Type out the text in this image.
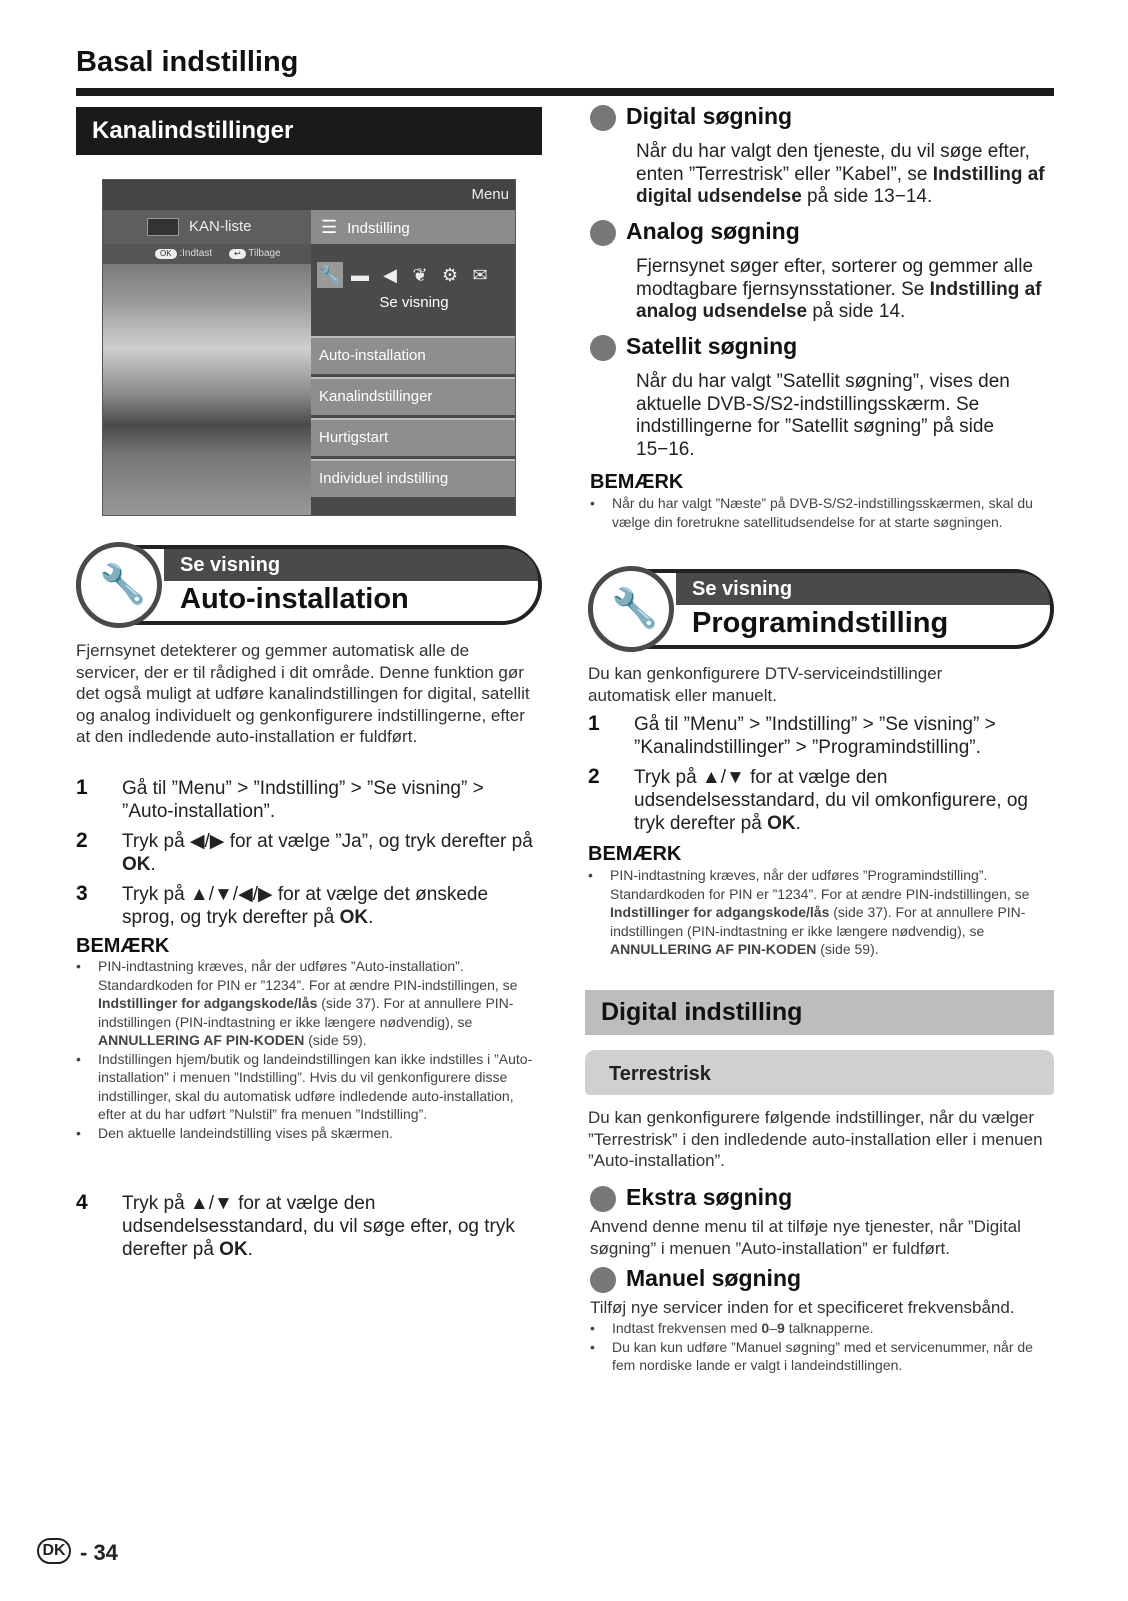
Basal indstilling
Kanalindstillinger
Menu
KAN-liste	☰ Indstilling
OK :Indtast	↩ Tilbage
🔧 ▬ ◀ ❦ ⚙ ✉
Se visning
Auto-installation
Kanalindstillinger
Hurtigstart
Individuel indstilling
Se visning
Auto-installation
🔧
Fjernsynet detekterer og gemmer automatisk alle de servicer, der er til rådighed i dit område. Denne funktion gør det også muligt at udføre kanalindstillingen for digital, satellit og analog individuelt og genkonfigurere indstillingerne, efter at den indledende auto-installation er fuldført.
1 Gå til ”Menu” > ”Indstilling” > ”Se visning” > ”Auto-installation”.
2 Tryk på ◀/▶ for at vælge ”Ja”, og tryk derefter på OK.
3 Tryk på ▲/▼/◀/▶ for at vælge det ønskede sprog, og tryk derefter på OK.
BEMÆRK
• PIN-indtastning kræves, når der udføres ”Auto-installation”. Standardkoden for PIN er ”1234”. For at ændre PIN-indstillingen, se Indstillinger for adgangskode/lås (side 37). For at annullere PIN-indstillingen (PIN-indtastning er ikke længere nødvendig), se ANNULLERING AF PIN-KODEN (side 59).
• Indstillingen hjem/butik og landeindstillingen kan ikke indstilles i ”Auto-installation” i menuen ”Indstilling”. Hvis du vil genkonfigurere disse indstillinger, skal du automatisk udføre indledende auto-installation, efter at du har udført ”Nulstil” fra menuen ”Indstilling”.
• Den aktuelle landeindstilling vises på skærmen.
4 Tryk på ▲/▼ for at vælge den udsendelsesstandard, du vil søge efter, og tryk derefter på OK.
Digital søgning
Når du har valgt den tjeneste, du vil søge efter, enten ”Terrestrisk” eller ”Kabel”, se Indstilling af digital udsendelse på side 13−14.
Analog søgning
Fjernsynet søger efter, sorterer og gemmer alle modtagbare fjernsynsstationer. Se Indstilling af analog udsendelse på side 14.
Satellit søgning
Når du har valgt ”Satellit søgning”, vises den aktuelle DVB-S/S2-indstillingsskærm. Se indstillingerne for ”Satellit søgning” på side 15−16.
BEMÆRK
• Når du har valgt ”Næste” på DVB-S/S2-indstillingsskærmen, skal du vælge din foretrukne satellitudsendelse for at starte søgningen.
Se visning
Programindstilling
🔧
Du kan genkonfigurere DTV-serviceindstillinger automatisk eller manuelt.
1 Gå til ”Menu” > ”Indstilling” > ”Se visning” > ”Kanalindstillinger” > ”Programindstilling”.
2 Tryk på ▲/▼ for at vælge den udsendelsesstandard, du vil omkonfigurere, og tryk derefter på OK.
BEMÆRK
• PIN-indtastning kræves, når der udføres ”Programindstilling”. Standardkoden for PIN er ”1234”. For at ændre PIN-indstillingen, se Indstillinger for adgangskode/lås (side 37). For at annullere PIN-indstillingen (PIN-indtastning er ikke længere nødvendig), se ANNULLERING AF PIN-KODEN (side 59).
Digital indstilling
Terrestrisk
Du kan genkonfigurere følgende indstillinger, når du vælger ”Terrestrisk” i den indledende auto-installation eller i menuen ”Auto-installation”.
Ekstra søgning
Anvend denne menu til at tilføje nye tjenester, når ”Digital søgning” i menuen ”Auto-installation” er fuldført.
Manuel søgning
Tilføj nye servicer inden for et specificeret frekvensbånd.
• Indtast frekvensen med 0–9 talknapperne.
• Du kan kun udføre ”Manuel søgning” med et servicenummer, når de fem nordiske lande er valgt i landeindstillingen.
DK - 34
